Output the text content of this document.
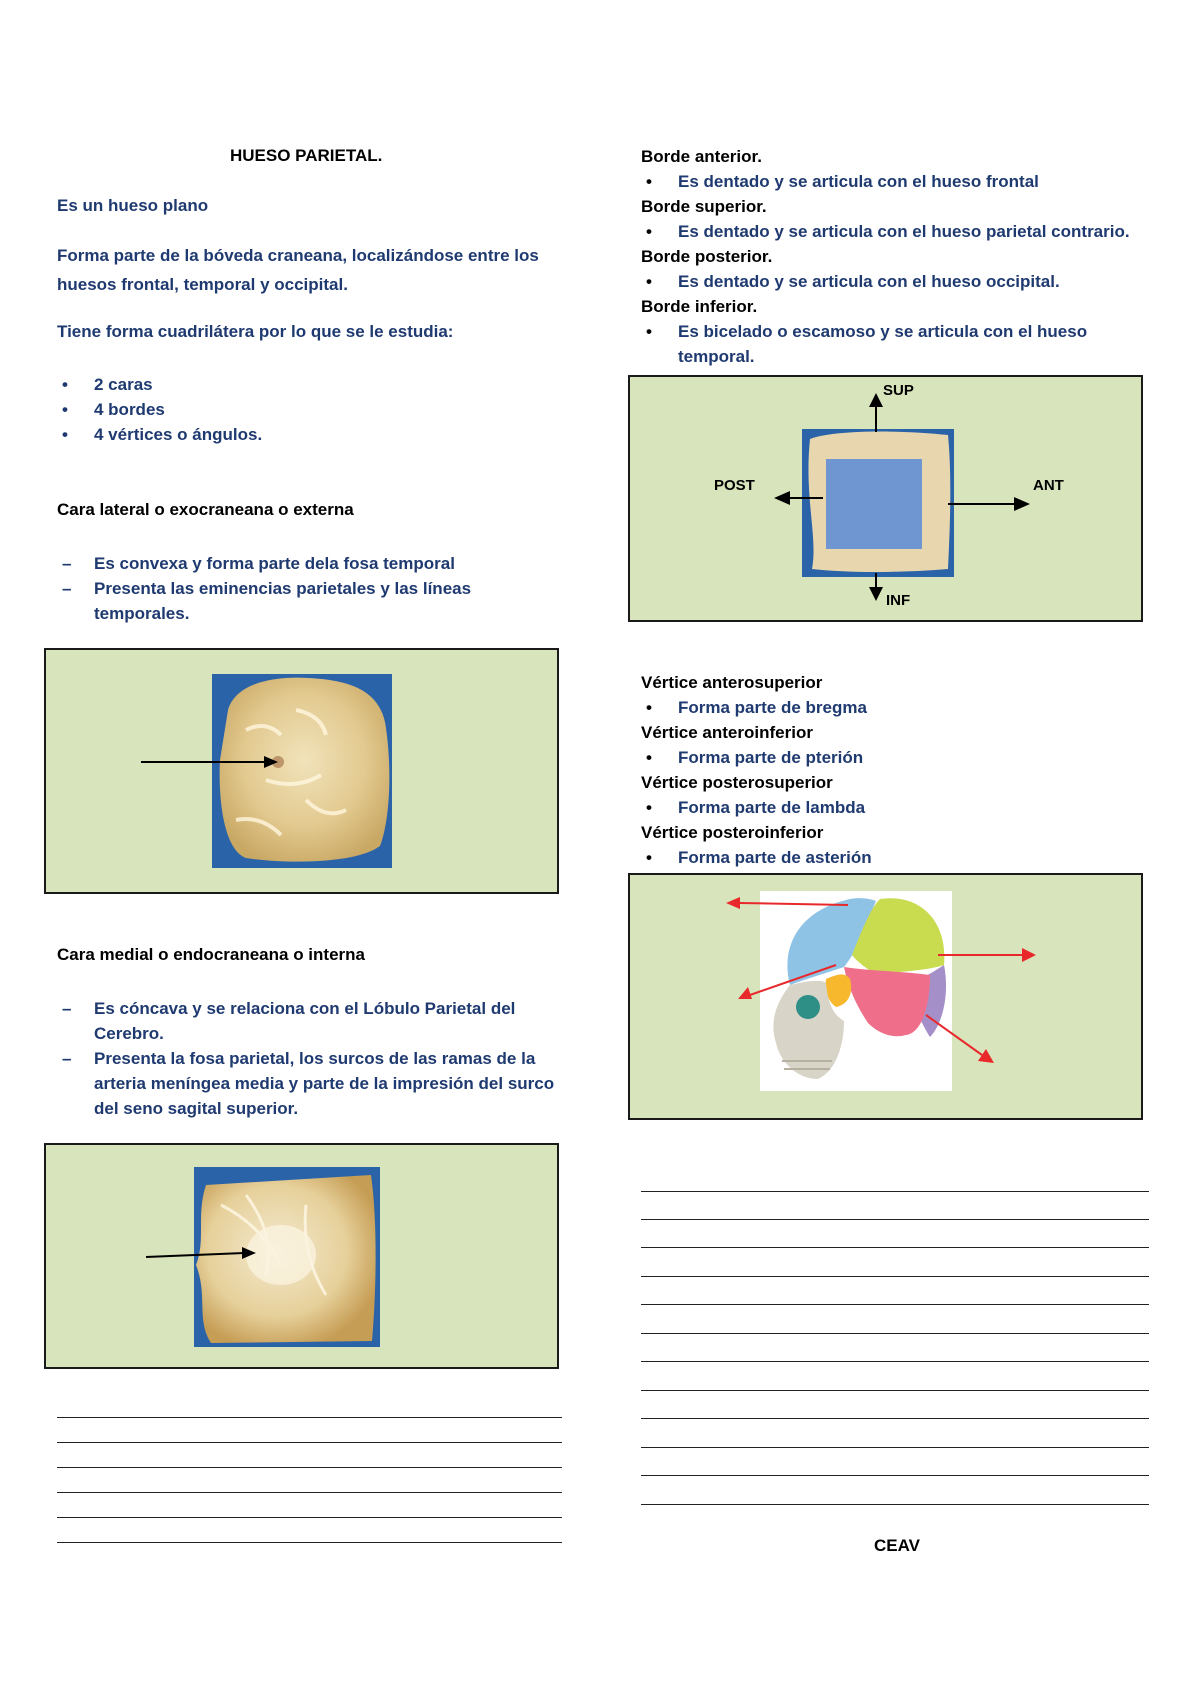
HUESO PARIETAL.
Es un hueso plano
Forma parte de la bóveda craneana, localizándose entre los
huesos frontal, temporal y occipital.
Tiene forma cuadrilátera por lo que se le estudia:
• 2 caras
• 4 bordes
• 4 vértices o ángulos.
Cara lateral o exocraneana o externa
– Es convexa y forma parte dela fosa temporal
– Presenta las eminencias parietales y las líneas temporales.
Cara medial o endocraneana o interna
– Es cóncava y se relaciona con el Lóbulo Parietal del Cerebro.
– Presenta la fosa parietal, los surcos de las ramas de la arteria meníngea media y parte de la impresión del surco del seno sagital superior.
Borde anterior.
• Es dentado y se articula con el hueso frontal
Borde superior.
• Es dentado y se articula con el hueso parietal contrario.
Borde posterior.
• Es dentado y se articula con el hueso occipital.
Borde inferior.
• Es bicelado o escamoso y se articula con el hueso temporal.
SUP
INF
POST	ANT
Vértice anterosuperior
• Forma parte de bregma
Vértice anteroinferior
• Forma parte de pterión
Vértice posterosuperior
• Forma parte de lambda
Vértice posteroinferior
• Forma parte de asterión
CEAV
